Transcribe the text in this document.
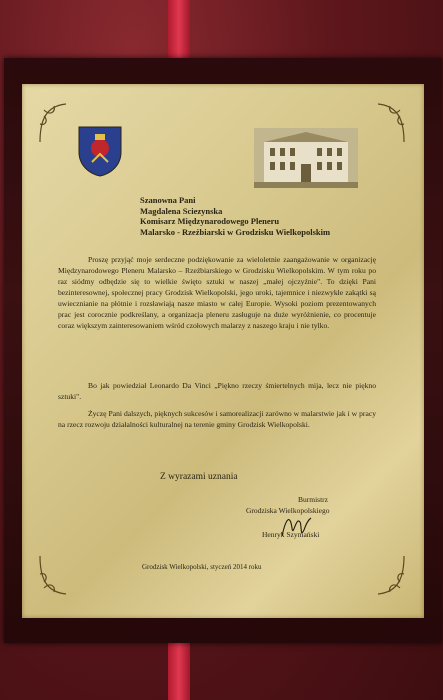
Szanowna Pani
Magdalena Sciezynska
Komisarz Międzynarodowego Pleneru
Malarsko - Rzeźbiarski w Grodzisku Wielkopolskim
Proszę przyjąć moje serdeczne podziękowanie za wieloletnie zaangażowanie w organizację Międzynarodowego Pleneru Malarsko – Rzeźbiarskiego w Grodzisku Wielkopolskim. W tym roku po raz siódmy odbędzie się to wielkie święto sztuki w naszej „małej ojczyźnie". To dzięki Pani bezinteresownej, społecznej pracy Grodzisk Wielkopolski, jego uroki, tajemnice i niezwykłe zakątki są uwiecznianie na płótnie i rozsławiają nasze miasto w całej Europie. Wysoki poziom prezentowanych prac jest corocznie podkreślany, a organizacja pleneru zasługuje na duże wyróżnienie, co procentuje coraz większym zainteresowaniem wśród czołowych malarzy z naszego kraju i nie tylko.
Bo jak powiedział Leonardo Da Vinci „Piękno rzeczy śmiertelnych mija, lecz nie piękno sztuki".
Życzę Pani dalszych, pięknych sukcesów i samorealizacji zarówno w malarstwie jak i w pracy na rzecz rozwoju działalności kulturalnej na terenie gminy Grodzisk Wielkopolski.
Z wyrazami uznania
Burmistrz
Grodziska Wielkopolskiego
Henryk Szymański
Grodzisk Wielkopolski, styczeń 2014 roku
